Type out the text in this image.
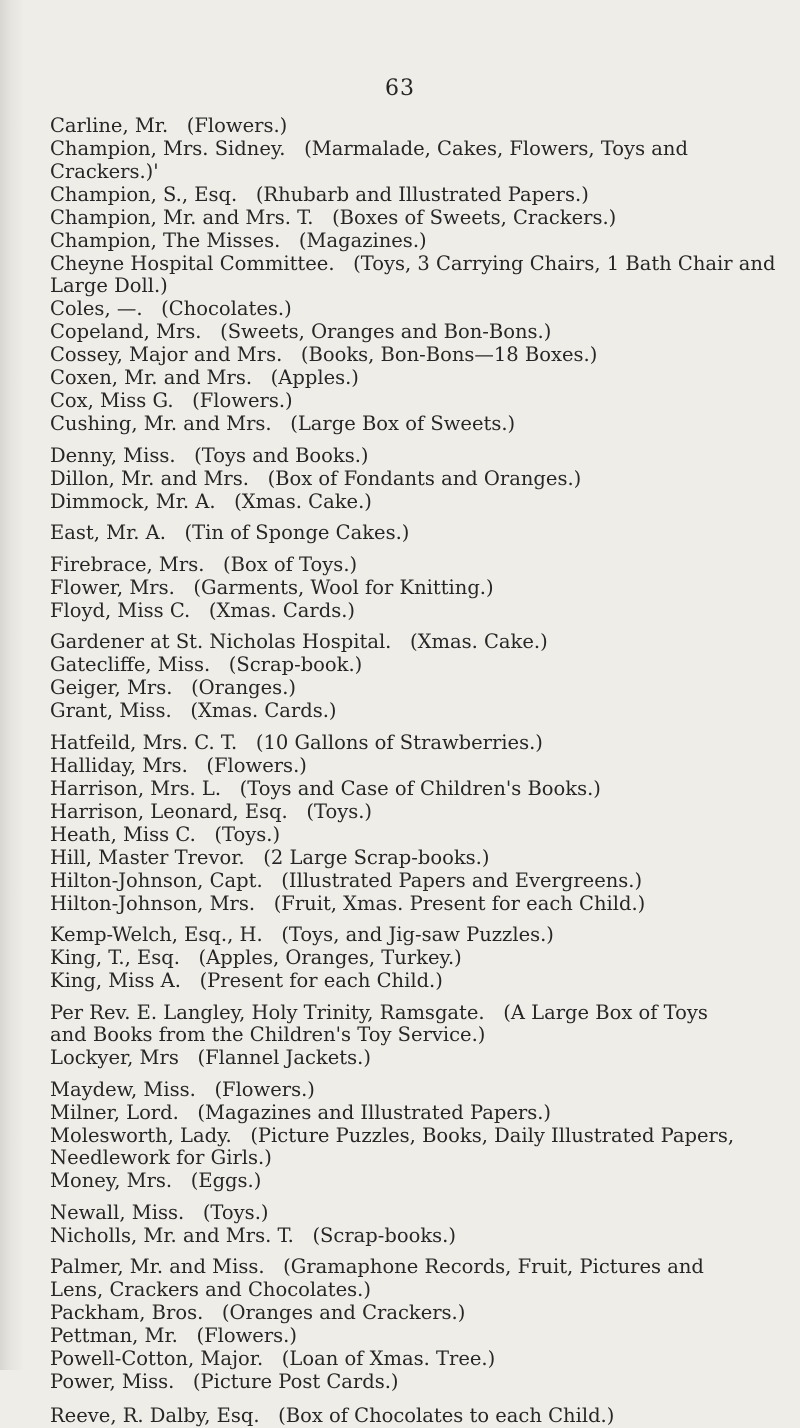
63

Carline, Mr. (Flowers.)

Champion, Mrs. Sidney. (Marmalade, Cakes, Flowers, Toys and
Crackers.)'

Champion, S., Esq. (Rhubarb and Illustrated Papers.)

Champion, Mr. and Mrs. T. (Boxes of Sweets, Crackers.)

Champion, The Misses. (Magazines.)

Cheyne Hospital Committee. (Toys, 3 Carrying Chairs, 1 Bath Chair and
Large Doll.)

Coles, —. (Chocolates.)

Copeland, Mrs. (Sweets, Oranges and Bon-Bons.)

Cossey, Major and Mrs. (Books, Bon-Bons—18 Boxes.)

Coxen, Mr. and Mrs. (Apples.)

Cox, Miss G. (Flowers.)

Cushing, Mr. and Mrs. (Large Box of Sweets.)

Denny, Miss. (Toys and Books.)

Dillon, Mr. and Mrs. (Box of Fondants and Oranges.)

Dimmock, Mr. A. (Xmas. Cake.)

East, Mr. A. (Tin of Sponge Cakes.)

Firebrace, Mrs. (Box of Toys.)

Flower, Mrs. (Garments, Wool for Knitting.)

Floyd, Miss C. (Xmas. Cards.)

Gardener at St. Nicholas Hospital. (Xmas. Cake.)

Gatecliffe, Miss. (Scrap-book.)

Geiger, Mrs. (Oranges.)

Grant, Miss. (Xmas. Cards.)

Hatfeild, Mrs. C. T. (10 Gallons of Strawberries.)

Halliday, Mrs. (Flowers.)

Harrison, Mrs. L. (Toys and Case of Children's Books.)

Harrison, Leonard, Esq. (Toys.)

Heath, Miss C. (Toys.)

Hill, Master Trevor. (2 Large Scrap-books.)

Hilton-Johnson, Capt. (Illustrated Papers and Evergreens.)

Hilton-Johnson, Mrs. (Fruit, Xmas. Present for each Child.)

Kemp-Welch, Esq., H. (Toys, and Jig-saw Puzzles.)

King, T., Esq. (Apples, Oranges, Turkey.)

King, Miss A. (Present for each Child.)

Per Rev. E. Langley, Holy Trinity, Ramsgate. (A Large Box of Toys
and Books from the Children's Toy Service.)

Lockyer, Mrs (Flannel Jackets.)

Maydew, Miss. (Flowers.)

Milner, Lord. (Magazines and Illustrated Papers.)

Molesworth, Lady. (Picture Puzzles, Books, Daily Illustrated Papers,
Needlework for Girls.)

Money, Mrs. (Eggs.)

Newall, Miss. (Toys.)

Nicholls, Mr. and Mrs. T. (Scrap-books.)

Palmer, Mr. and Miss. (Gramaphone Records, Fruit, Pictures and
Lens, Crackers and Chocolates.)

Packham, Bros. (Oranges and Crackers.)

Pettman, Mr. (Flowers.)

Powell-Cotton, Major. (Loan of Xmas. Tree.)

Power, Miss. (Picture Post Cards.)

Reeve, R. Dalby, Esq. (Box of Chocolates to each Child.)
